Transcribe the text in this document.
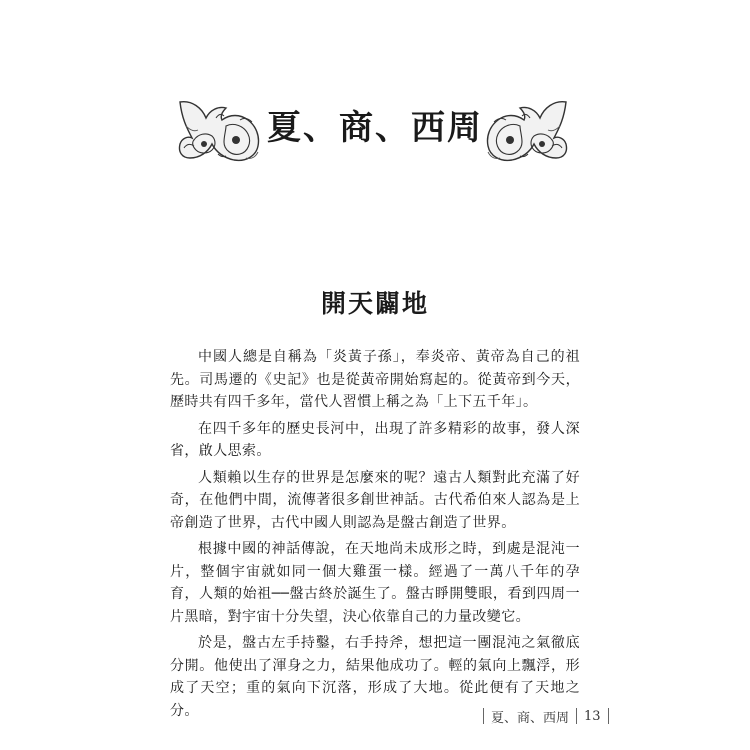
夏、商、西周
開天闢地

中國人總是自稱為「炎黃子孫」，奉炎帝、黃帝為自己的祖先。司馬遷的《史記》也是從黃帝開始寫起的。從黃帝到今天，歷時共有四千多年，當代人習慣上稱之為「上下五千年」。

在四千多年的歷史長河中，出現了許多精彩的故事，發人深省，啟人思索。

人類賴以生存的世界是怎麼來的呢？遠古人類對此充滿了好奇，在他們中間，流傳著很多創世神話。古代希伯來人認為是上帝創造了世界，古代中國人則認為是盤古創造了世界。

根據中國的神話傳說，在天地尚未成形之時，到處是混沌一片，整個宇宙就如同一個大雞蛋一樣。經過了一萬八千年的孕育，人類的始祖──盤古終於誕生了。盤古睜開雙眼，看到四周一片黑暗，對宇宙十分失望，決心依靠自己的力量改變它。

於是，盤古左手持鑿，右手持斧，想把這一團混沌之氣徹底分開。他使出了渾身之力，結果他成功了。輕的氣向上飄浮，形成了天空；重的氣向下沉落，形成了大地。從此便有了天地之分。	夏、商、西周 13
